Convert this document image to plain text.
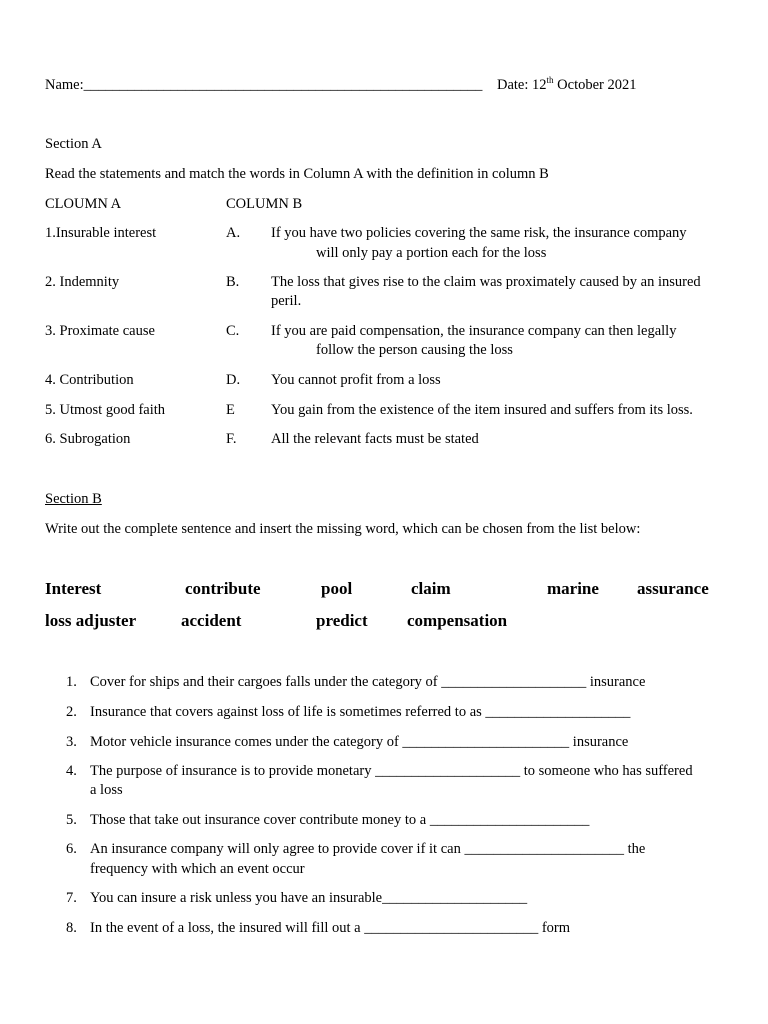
Name:_______________________________________________________ Date: 12th October 2021
Section A
Read the statements and match the words in Column A with the definition in column B
CLOUMN A	COLUMN B
1.Insurable interest	A. If you have two policies covering the same risk, the insurance company
will only pay a portion each for the loss
2. Indemnity	B. The loss that gives rise to the claim was proximately caused by an insured
peril.
3. Proximate cause	C. If you are paid compensation, the insurance company can then legally
follow the person causing the loss
4. Contribution	D. You cannot profit from a loss
5. Utmost good faith	E You gain from the existence of the item insured and suffers from its loss.
6. Subrogation	F. All the relevant facts must be stated
Section B
Write out the complete sentence and insert the missing word, which can be chosen from the list below:
Interest	contribute	pool	claim	marine assurance
loss adjuster	accident	predict compensation
1. Cover for ships and their cargoes falls under the category of ____________________ insurance
2. Insurance that covers against loss of life is sometimes referred to as ____________________
3. Motor vehicle insurance comes under the category of _______________________ insurance
4. The purpose of insurance is to provide monetary ____________________ to someone who has suffered
a loss
5. Those that take out insurance cover contribute money to a ______________________
6. An insurance company will only agree to provide cover if it can ______________________ the
frequency with which an event occur
7. You can insure a risk unless you have an insurable____________________
8. In the event of a loss, the insured will fill out a ________________________ form
